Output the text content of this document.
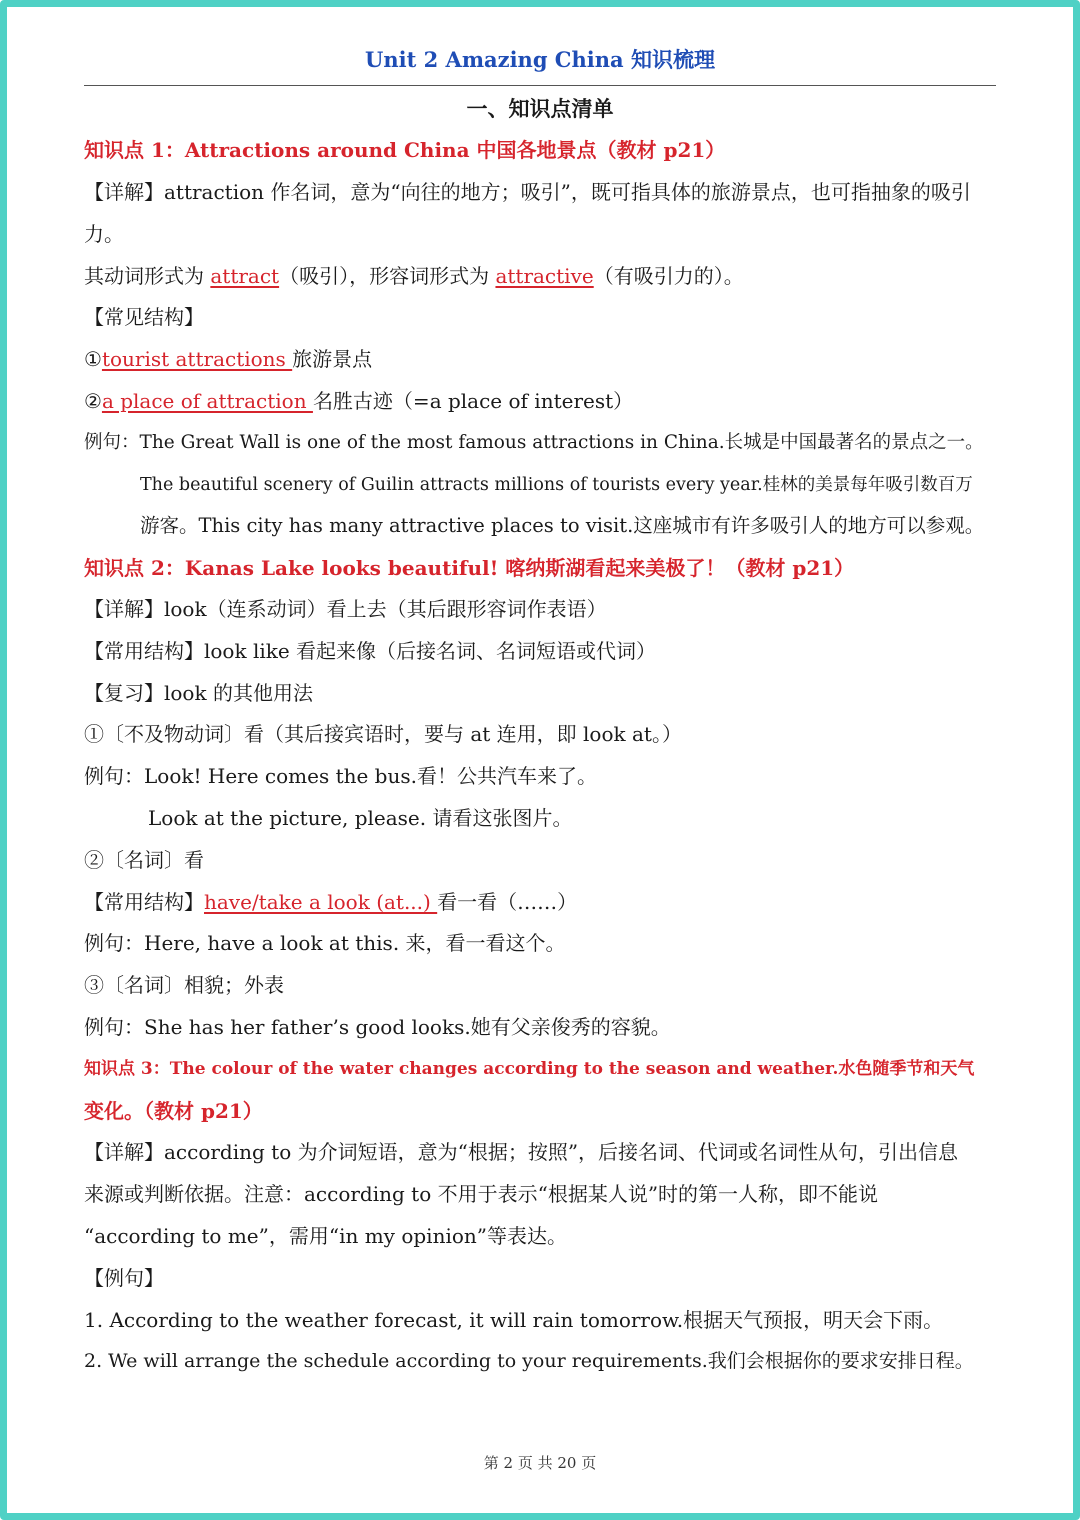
Unit 2 Amazing China 知识梳理
一、知识点清单
知识点 1：Attractions around China 中国各地景点（教材 p21）
【详解】attraction 作名词，意为“向往的地方；吸引”，既可指具体的旅游景点，也可指抽象的吸引
力。
其动词形式为 attract（吸引），形容词形式为 attractive（有吸引力的）。
【常见结构】
①tourist attractions 旅游景点
②a place of attraction 名胜古迹（=a place of interest）
例句：The Great Wall is one of the most famous attractions in China.长城是中国最著名的景点之一。
The beautiful scenery of Guilin attracts millions of tourists every year.桂林的美景每年吸引数百万
游客。This city has many attractive places to visit.这座城市有许多吸引人的地方可以参观。
知识点 2：Kanas Lake looks beautiful! 喀纳斯湖看起来美极了！（教材 p21）
【详解】look（连系动词）看上去（其后跟形容词作表语）
【常用结构】look like 看起来像（后接名词、名词短语或代词）
【复习】look 的其他用法
①〔不及物动词〕看（其后接宾语时，要与 at 连用，即 look at。）
例句：Look! Here comes the bus.看！公共汽车来了。
Look at the picture, please. 请看这张图片。
②〔名词〕看
【常用结构】have/take a look (at...) 看一看（……）
例句：Here, have a look at this. 来，看一看这个。
③〔名词〕相貌；外表
例句：She has her father’s good looks.她有父亲俊秀的容貌。
知识点 3：The colour of the water changes according to the season and weather.水色随季节和天气
变化。（教材 p21）
【详解】according to 为介词短语，意为“根据；按照”，后接名词、代词或名词性从句，引出信息
来源或判断依据。注意：according to 不用于表示“根据某人说”时的第一人称，即不能说
“according to me”，需用“in my opinion”等表达。
【例句】
1. According to the weather forecast, it will rain tomorrow.根据天气预报，明天会下雨。
2. We will arrange the schedule according to your requirements.我们会根据你的要求安排日程。
第 2 页 共 20 页
